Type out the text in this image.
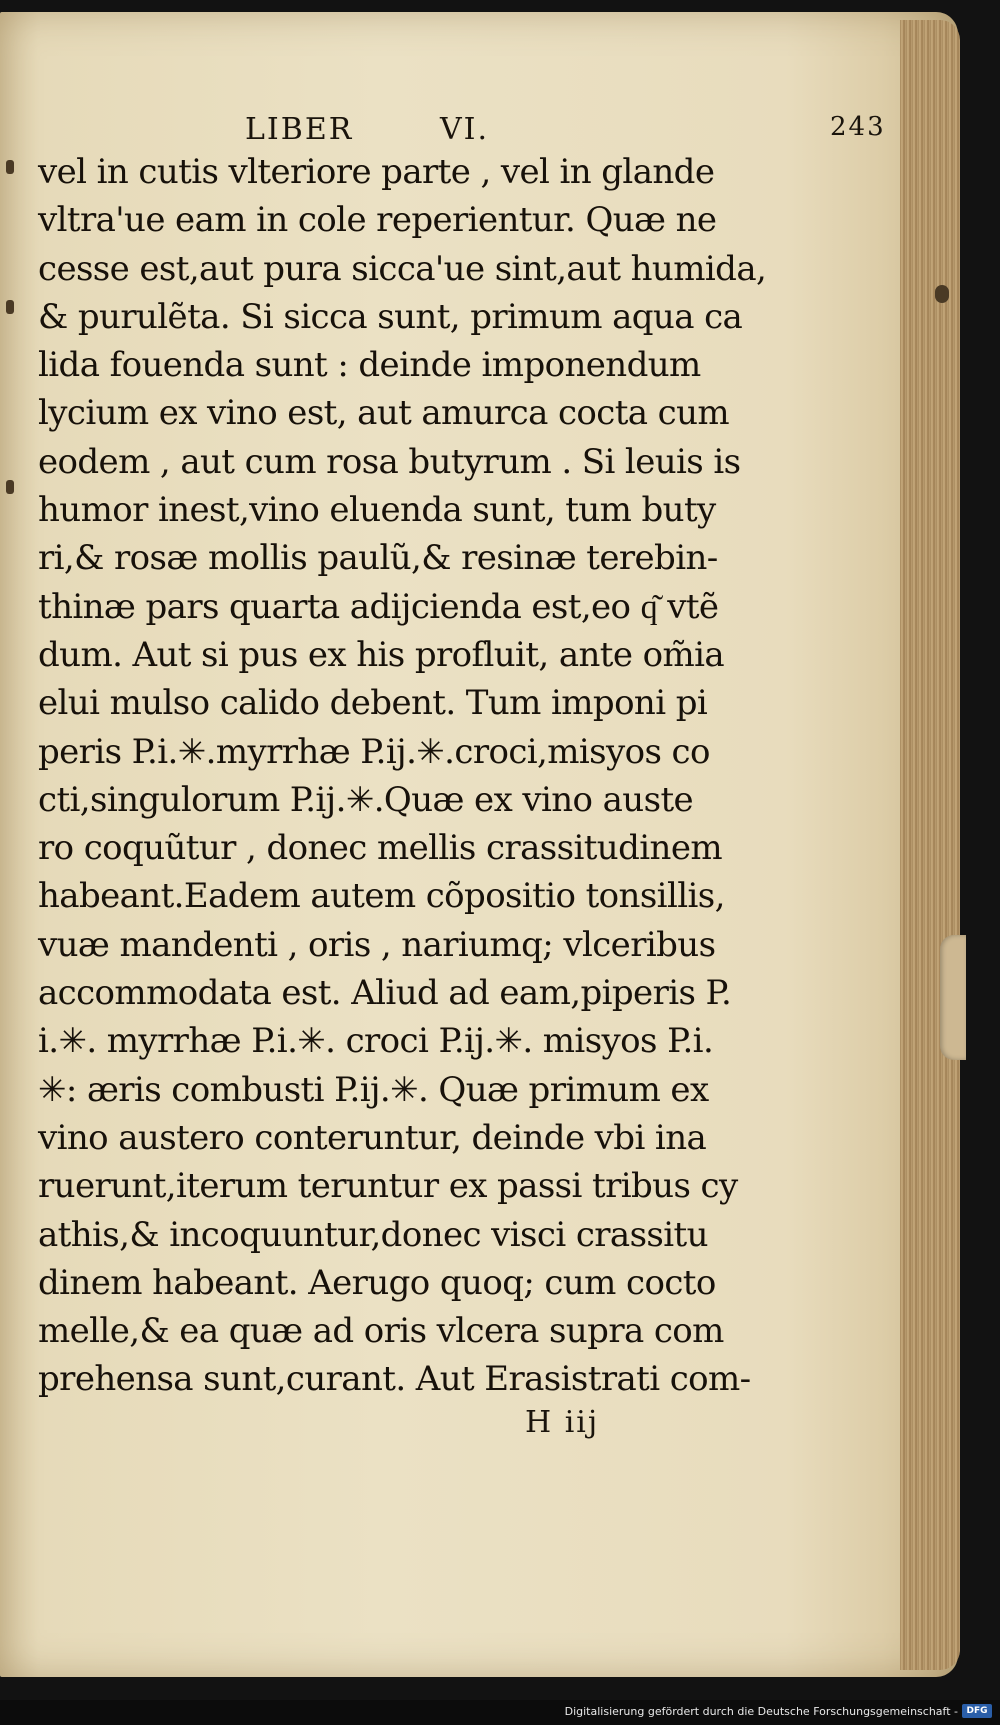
LIBER	VI.	243
vel in cutis vlteriore parte , vel in glande
vltra'ue eam in cole reperientur. Quæ ne
cesse est,aut pura sicca'ue sint,aut humida,
& purulẽta. Si sicca sunt, primum aqua ca
lida fouenda sunt : deinde imponendum
lycium ex vino est, aut amurca cocta cum
eodem , aut cum rosa butyrum . Si leuis is
humor inest,vino eluenda sunt, tum buty
ri,& rosæ mollis paulũ,& resinæ terebin-
thinæ pars quarta adijcienda est,eo q͂ vtẽ
dum. Aut si pus ex his profluit, ante om̃ia
elui mulso calido debent. Tum imponi pi
peris P.i.✳.myrrhæ P.ij.✳.croci,misyos co
cti,singulorum P.ij.✳.Quæ ex vino auste
ro coquũtur , donec mellis crassitudinem
habeant.Eadem autem cõpositio tonsillis,
vuæ mandenti , oris , nariumq; vlceribus
accommodata est. Aliud ad eam,piperis P.
i.✳. myrrhæ P.i.✳. croci P.ij.✳. misyos P.i.
✳: æris combusti P.ij.✳. Quæ primum ex
vino austero conteruntur, deinde vbi ina
ruerunt,iterum teruntur ex passi tribus cy
athis,& incoquuntur,donec visci crassitu
dinem habeant. Aerugo quoq; cum cocto
melle,& ea quæ ad oris vlcera supra com
prehensa sunt,curant. Aut Erasistrati com-
H iij
Digitalisierung gefördert durch die Deutsche Forschungsgemeinschaft - DFG
